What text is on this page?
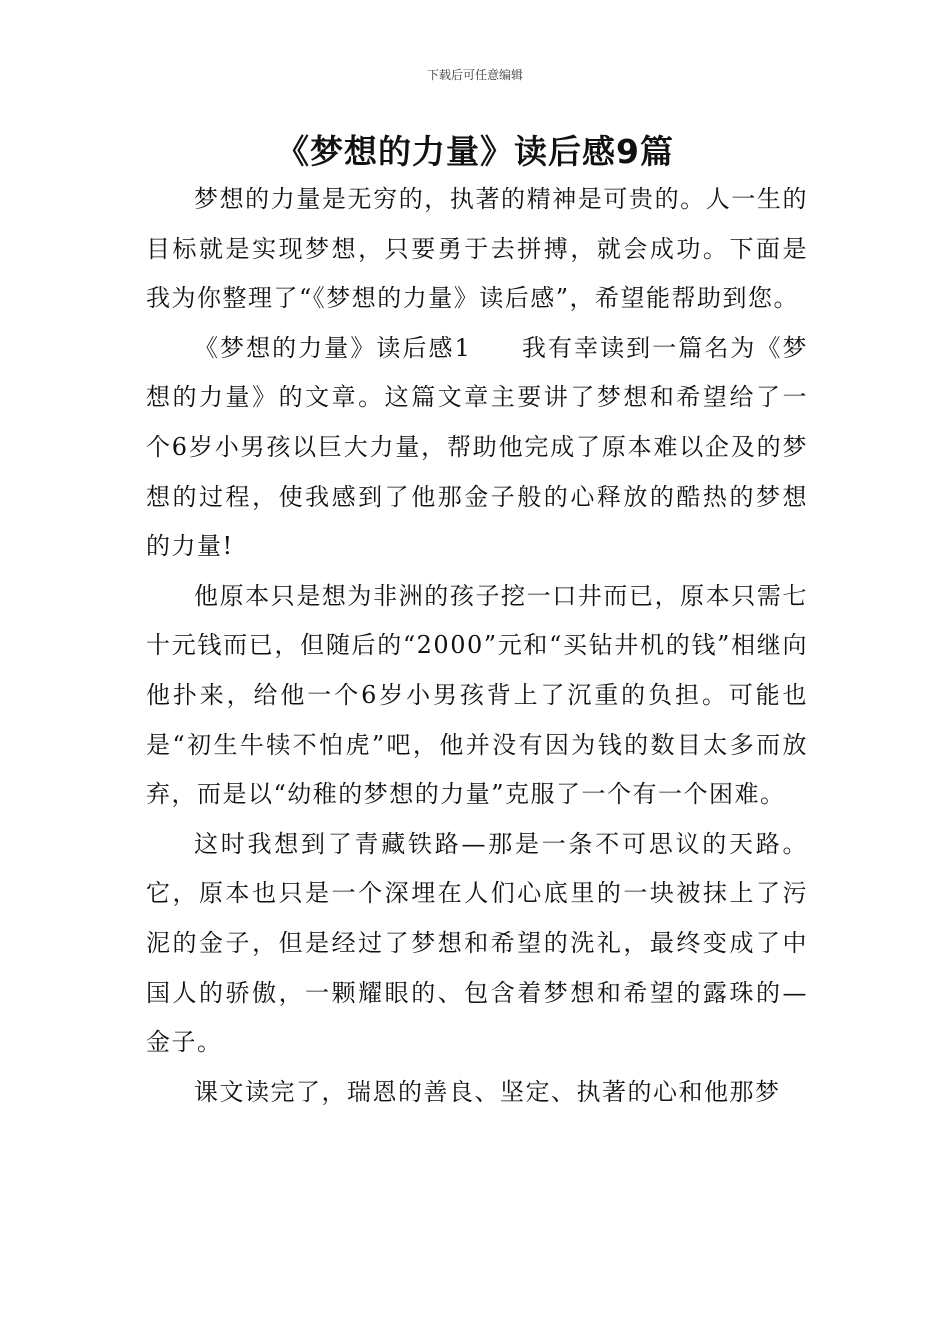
下载后可任意编辑
《梦想的力量》读后感9篇

梦想的力量是无穷的，执著的精神是可贵的。人一生的目标就是实现梦想，只要勇于去拼搏，就会成功。下面是我为你整理了“《梦想的力量》读后感”，希望能帮助到您。

《梦想的力量》读后感1 我有幸读到一篇名为《梦想的力量》的文章。这篇文章主要讲了梦想和希望给了一个6岁小男孩以巨大力量，帮助他完成了原本难以企及的梦想的过程，使我感到了他那金子般的心释放的酷热的梦想的力量!

他原本只是想为非洲的孩子挖一口井而已，原本只需七十元钱而已，但随后的“2000”元和“买钻井机的钱”相继向他扑来，给他一个6岁小男孩背上了沉重的负担。可能也是“初生牛犊不怕虎”吧，他并没有因为钱的数目太多而放弃，而是以“幼稚的梦想的力量”克服了一个有一个困难。

这时我想到了青藏铁路—那是一条不可思议的天路。它，原本也只是一个深埋在人们心底里的一块被抹上了污泥的金子，但是经过了梦想和希望的洗礼，最终变成了中国人的骄傲，一颗耀眼的、包含着梦想和希望的露珠的—金子。

课文读完了，瑞恩的善良、坚定、执著的心和他那梦
